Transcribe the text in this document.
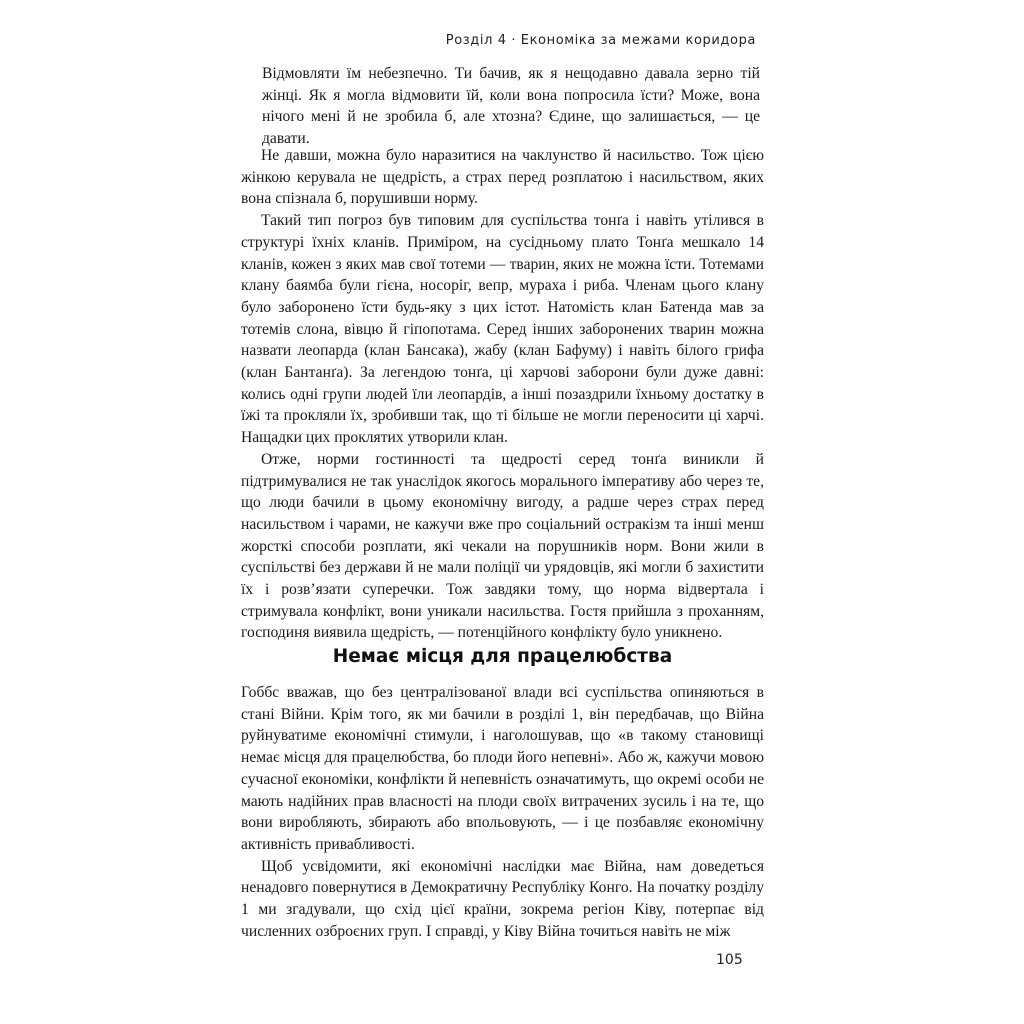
Розділ 4 · Економіка за межами коридора

Відмовляти їм небезпечно. Ти бачив, як я нещодавно давала зерно тій жінці. Як я могла відмовити їй, коли вона попросила їсти? Може, вона нічого мені й не зробила б, але хтозна? Єдине, що залишається, — це давати.

Не давши, можна було наразитися на чаклунство й насильство. Тож цією жінкою керувала не щедрість, а страх перед розплатою і насильством, яких вона спізнала б, порушивши норму.

Такий тип погроз був типовим для суспільства тонґа і навіть утілився в структурі їхніх кланів. Приміром, на сусідньому плато Тонґа мешкало 14 кланів, кожен з яких мав свої тотеми — тварин, яких не можна їсти. Тотемами клану баямба були гієна, носоріг, вепр, мураха і риба. Членам цього клану було заборонено їсти будь-яку з цих істот. Натомість клан Батенда мав за тотемів слона, вівцю й гіпопотама. Серед інших заборонених тварин можна назвати леопарда (клан Бансака), жабу (клан Бафуму) і навіть білого грифа (клан Бантанґа). За легендою тонґа, ці харчові заборони були дуже давні: колись одні групи людей їли леопардів, а інші позаздрили їхньому достатку в їжі та прокляли їх, зробивши так, що ті більше не могли переносити ці харчі. Нащадки цих проклятих утворили клан.

Отже, норми гостинності та щедрості серед тонґа виникли й підтримувалися не так унаслідок якогось морального імперативу або через те, що люди бачили в цьому економічну вигоду, а радше через страх перед насильством і чарами, не кажучи вже про соціальний остракізм та інші менш жорсткі способи розплати, які чекали на порушників норм. Вони жили в суспільстві без держави й не мали поліції чи урядовців, які могли б захистити їх і розв’язати суперечки. Тож завдяки тому, що норма відвертала і стримувала конфлікт, вони уникали насильства. Гостя прийшла з проханням, господиня виявила щедрість, — потенційного конфлікту було уникнено.

Немає місця для працелюбства

Гоббс вважав, що без централізованої влади всі суспільства опиняються в стані Війни. Крім того, як ми бачили в розділі 1, він передбачав, що Війна руйнуватиме економічні стимули, і наголошував, що «в такому становищі немає місця для працелюбства, бо плоди його непевні». Або ж, кажучи мовою сучасної економіки, конфлікти й непевність означатимуть, що окремі особи не мають надійних прав власності на плоди своїх витрачених зусиль і на те, що вони виробляють, збирають або впольовують, — і це позбавляє економічну активність привабливості.

Щоб усвідомити, які економічні наслідки має Війна, нам доведеться ненадовго повернутися в Демократичну Республіку Конго. На початку розділу 1 ми згадували, що схід цієї країни, зокрема регіон Ківу, потерпає від численних озброєних груп. І справді, у Ківу Війна точиться навіть не між

105
